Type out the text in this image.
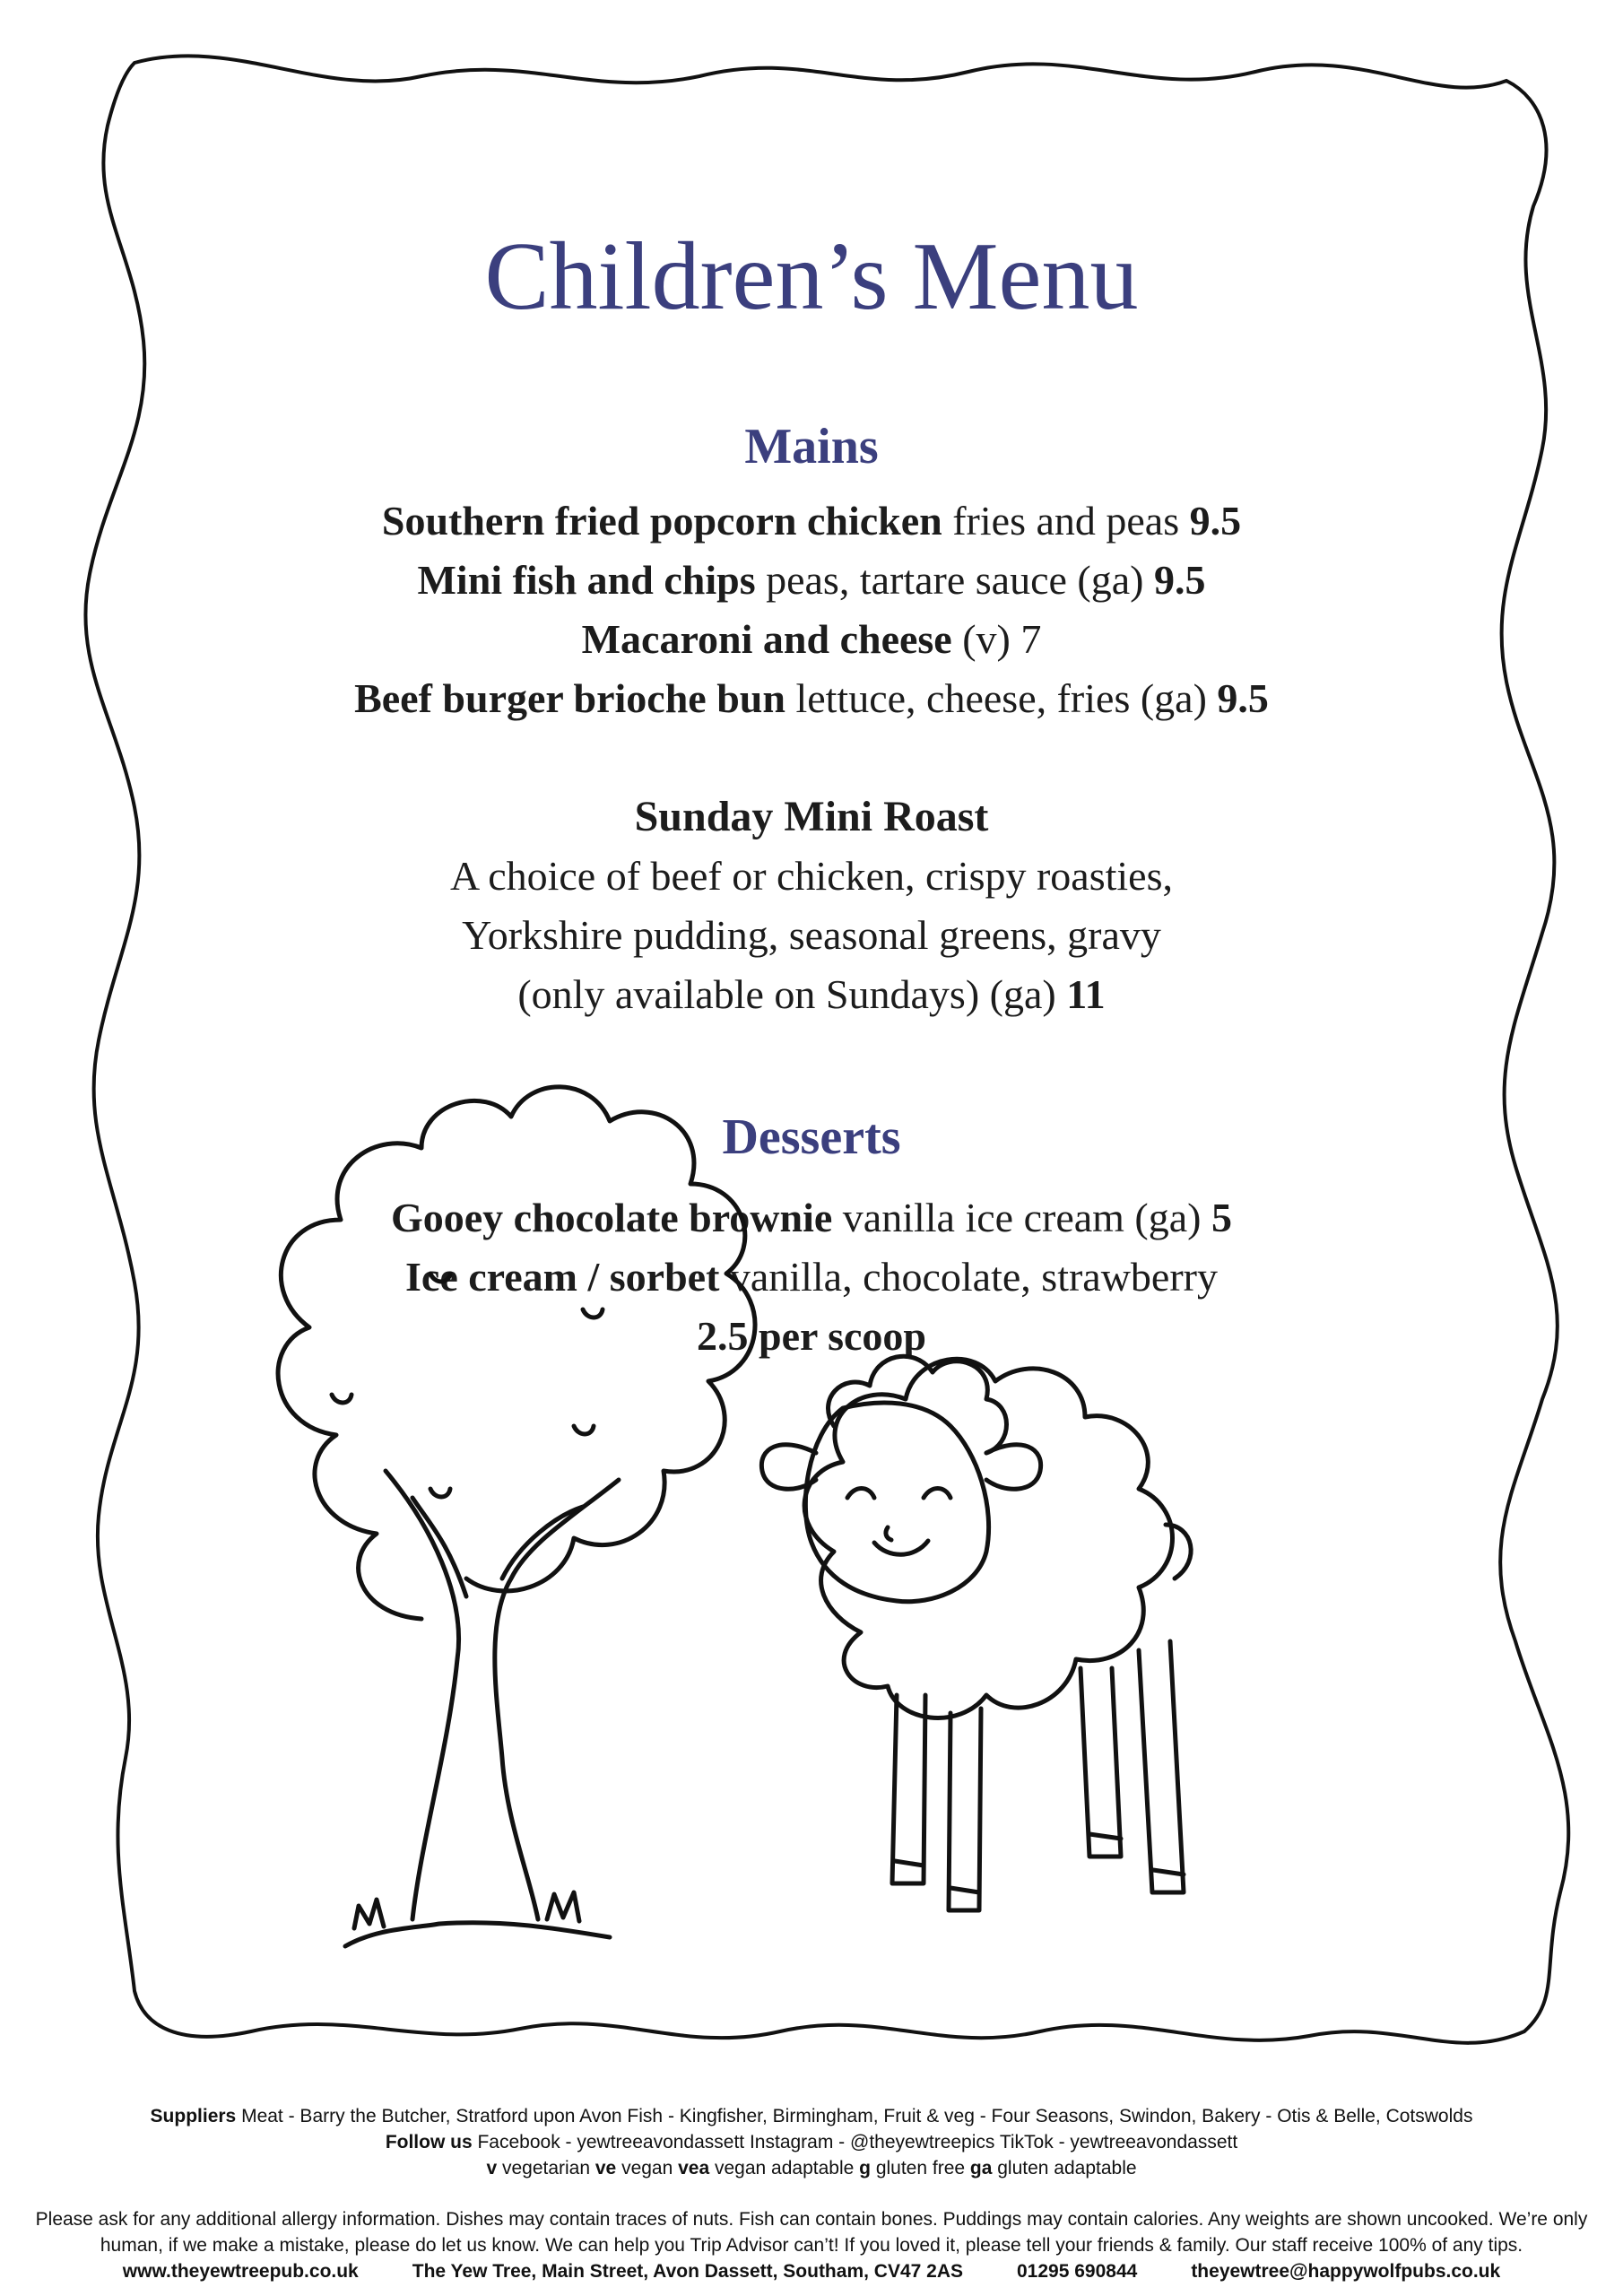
Children’s Menu
Mains
Southern fried popcorn chicken fries and peas 9.5
Mini fish and chips peas, tartare sauce (ga) 9.5
Macaroni and cheese (v) 7
Beef burger brioche bun lettuce, cheese, fries (ga) 9.5
Sunday Mini Roast
A choice of beef or chicken, crispy roasties,
Yorkshire pudding, seasonal greens, gravy
(only available on Sundays) (ga) 11
Desserts
Gooey chocolate brownie vanilla ice cream (ga) 5
Ice cream / sorbet vanilla, chocolate, strawberry
2.5 per scoop
Suppliers Meat - Barry the Butcher, Stratford upon Avon Fish - Kingfisher, Birmingham, Fruit & veg - Four Seasons, Swindon, Bakery - Otis & Belle, Cotswolds
Follow us Facebook - yewtreeavondassett Instagram - @theyewtreepics TikTok - yewtreeavondassett
v vegetarian ve vegan vea vegan adaptable g gluten free ga gluten adaptable
Please ask for any additional allergy information. Dishes may contain traces of nuts. Fish can contain bones. Puddings may contain calories. Any weights are shown uncooked. We’re only
human, if we make a mistake, please do let us know. We can help you Trip Advisor can’t! If you loved it, please tell your friends & family. Our staff receive 100% of any tips.
www.theyewtreepub.co.uk	The Yew Tree, Main Street, Avon Dassett, Southam, CV47 2AS	01295 690844	theyewtree@happywolfpubs.co.uk
